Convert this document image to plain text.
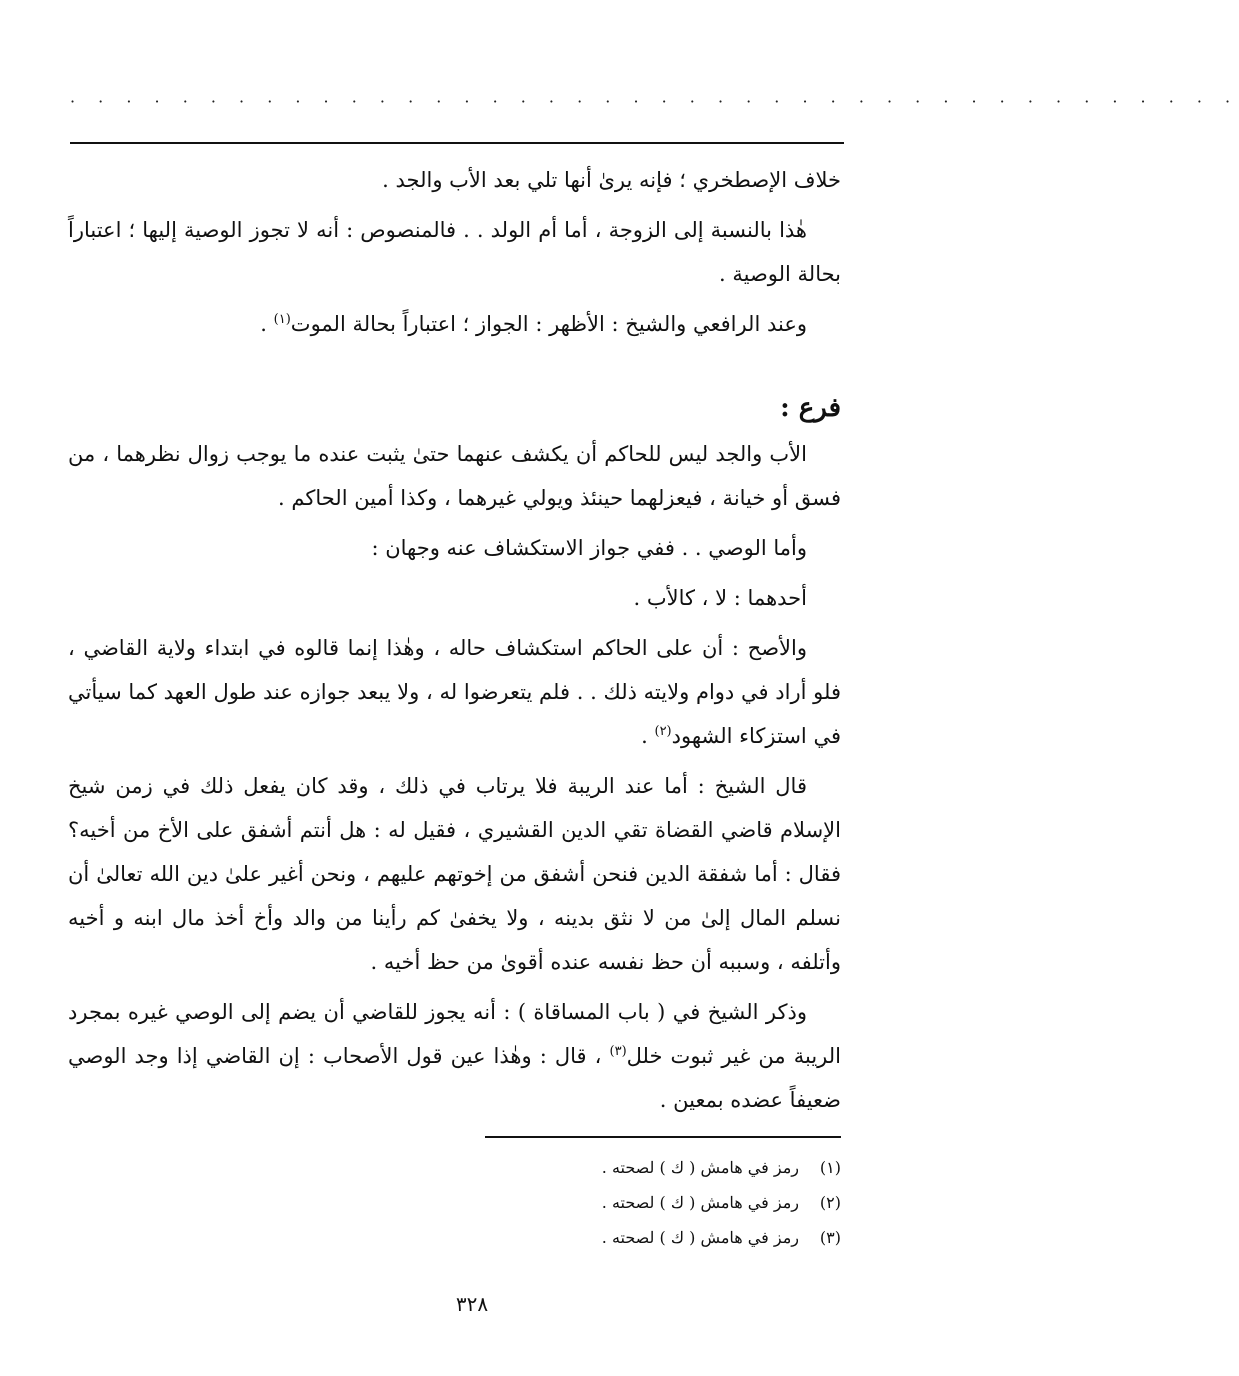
· · · · · · · · · · · · · · · · · · · · · · · · · · · · · · · · · · · · · · · · · ·

خلاف الإصطخري ؛ فإنه يرىٰ أنها تلي بعد الأب والجد .

هٰذا بالنسبة إلى الزوجة ، أما أم الولد . . فالمنصوص : أنه لا تجوز الوصية إليها ؛ اعتباراً بحالة الوصية .

وعند الرافعي والشيخ : الأظهر : الجواز ؛ اعتباراً بحالة الموت$^{(١)}$ .

فرع :

الأب والجد ليس للحاكم أن يكشف عنهما حتىٰ يثبت عنده ما يوجب زوال نظرهما ، من فسق أو خيانة ، فيعزلهما حينئذ ويولي غيرهما ، وكذا أمين الحاكم .

وأما الوصي . . ففي جواز الاستكشاف عنه وجهان :

أحدهما : لا ، كالأب .

والأصح : أن على الحاكم استكشاف حاله ، وهٰذا إنما قالوه في ابتداء ولاية القاضي ، فلو أراد في دوام ولايته ذلك . . فلم يتعرضوا له ، ولا يبعد جوازه عند طول العهد كما سيأتي في استزكاء الشهود$^{(٢)}$ .

قال الشيخ : أما عند الريبة فلا يرتاب في ذلك ، وقد كان يفعل ذلك في زمن شيخ الإسلام قاضي القضاة تقي الدين القشيري ، فقيل له : هل أنتم أشفق على الأخ من أخيه؟ فقال : أما شفقة الدين فنحن أشفق من إخوتهم عليهم ، ونحن أغير علىٰ دين الله تعالىٰ أن نسلم المال إلىٰ من لا نثق بدينه ، ولا يخفىٰ كم رأينا من والد وأخ أخذ مال ابنه و أخيه وأتلفه ، وسببه أن حظ نفسه عنده أقوىٰ من حظ أخيه .

وذكر الشيخ في ( باب المساقاة ) : أنه يجوز للقاضي أن يضم إلى الوصي غيره بمجرد الريبة من غير ثبوت خلل$^{(٣)}$ ، قال : وهٰذا عين قول الأصحاب : إن القاضي إذا وجد الوصي ضعيفاً عضده بمعين .

(١)
رمز في هامش ( ك ) لصحته .
(٢)
رمز في هامش ( ك ) لصحته .
(٣)
رمز في هامش ( ك ) لصحته .
٣٢٨
